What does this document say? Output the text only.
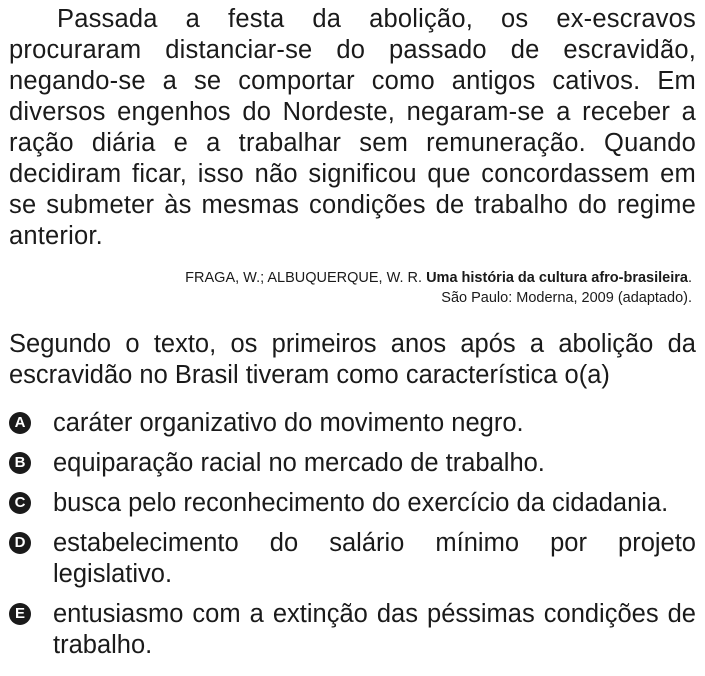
Passada a festa da abolição, os ex-escravos procuraram distanciar-se do passado de escravidão, negando-se a se comportar como antigos cativos. Em diversos engenhos do Nordeste, negaram-se a receber a ração diária e a trabalhar sem remuneração. Quando decidiram ficar, isso não significou que concordassem em se submeter às mesmas condições de trabalho do regime anterior.

FRAGA, W.; ALBUQUERQUE, W. R. Uma história da cultura afro-brasileira.
São Paulo: Moderna, 2009 (adaptado).
Segundo o texto, os primeiros anos após a abolição da escravidão no Brasil tiveram como característica o(a)
A caráter organizativo do movimento negro.
B equiparação racial no mercado de trabalho.
C busca pelo reconhecimento do exercício da cidadania.
D estabelecimento do salário mínimo por projeto legislativo.
E entusiasmo com a extinção das péssimas condições de trabalho.
